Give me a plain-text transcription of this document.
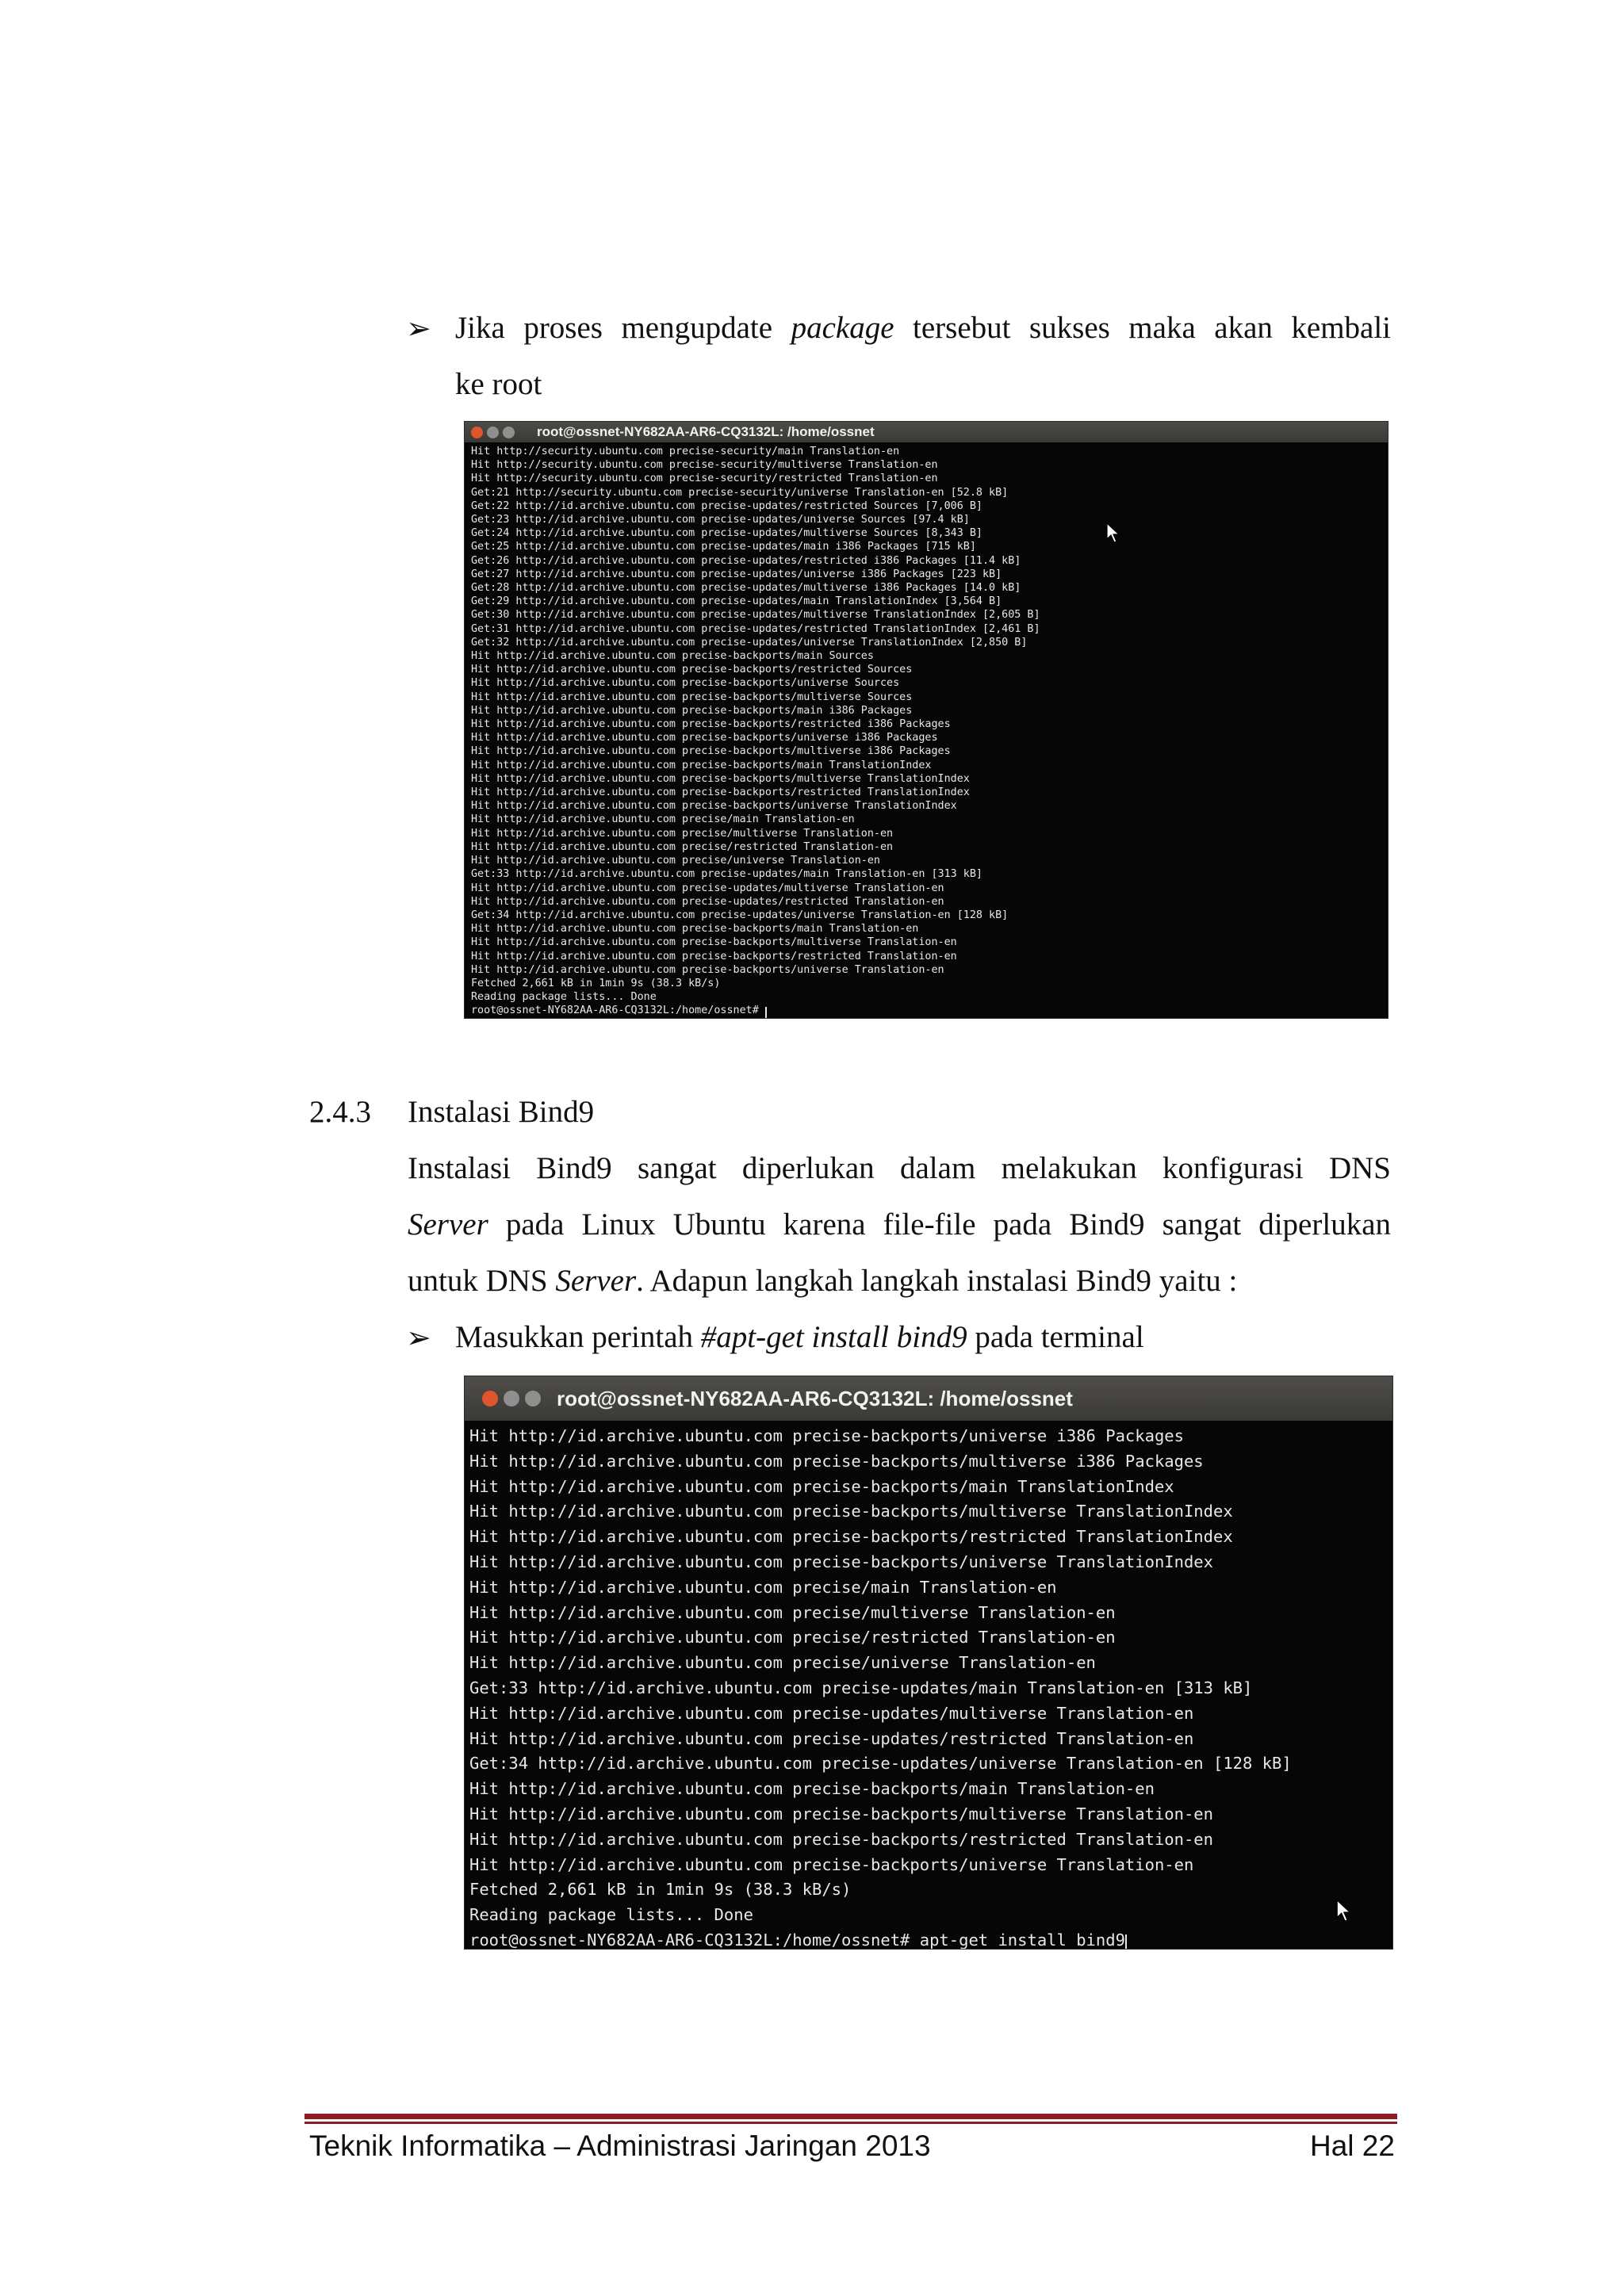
➢ Jika proses mengupdate package tersebut sukses maka akan kembali
ke root
root@ossnet-NY682AA-AR6-CQ3132L: /home/ossnet
Hit http://security.ubuntu.com precise-security/main Translation-en
Hit http://security.ubuntu.com precise-security/multiverse Translation-en
Hit http://security.ubuntu.com precise-security/restricted Translation-en
Get:21 http://security.ubuntu.com precise-security/universe Translation-en [52.8 kB]
Get:22 http://id.archive.ubuntu.com precise-updates/restricted Sources [7,006 B]
Get:23 http://id.archive.ubuntu.com precise-updates/universe Sources [97.4 kB]
Get:24 http://id.archive.ubuntu.com precise-updates/multiverse Sources [8,343 B]
Get:25 http://id.archive.ubuntu.com precise-updates/main i386 Packages [715 kB]
Get:26 http://id.archive.ubuntu.com precise-updates/restricted i386 Packages [11.4 kB]
Get:27 http://id.archive.ubuntu.com precise-updates/universe i386 Packages [223 kB]
Get:28 http://id.archive.ubuntu.com precise-updates/multiverse i386 Packages [14.0 kB]
Get:29 http://id.archive.ubuntu.com precise-updates/main TranslationIndex [3,564 B]
Get:30 http://id.archive.ubuntu.com precise-updates/multiverse TranslationIndex [2,605 B]
Get:31 http://id.archive.ubuntu.com precise-updates/restricted TranslationIndex [2,461 B]
Get:32 http://id.archive.ubuntu.com precise-updates/universe TranslationIndex [2,850 B]
Hit http://id.archive.ubuntu.com precise-backports/main Sources
Hit http://id.archive.ubuntu.com precise-backports/restricted Sources
Hit http://id.archive.ubuntu.com precise-backports/universe Sources
Hit http://id.archive.ubuntu.com precise-backports/multiverse Sources
Hit http://id.archive.ubuntu.com precise-backports/main i386 Packages
Hit http://id.archive.ubuntu.com precise-backports/restricted i386 Packages
Hit http://id.archive.ubuntu.com precise-backports/universe i386 Packages
Hit http://id.archive.ubuntu.com precise-backports/multiverse i386 Packages
Hit http://id.archive.ubuntu.com precise-backports/main TranslationIndex
Hit http://id.archive.ubuntu.com precise-backports/multiverse TranslationIndex
Hit http://id.archive.ubuntu.com precise-backports/restricted TranslationIndex
Hit http://id.archive.ubuntu.com precise-backports/universe TranslationIndex
Hit http://id.archive.ubuntu.com precise/main Translation-en
Hit http://id.archive.ubuntu.com precise/multiverse Translation-en
Hit http://id.archive.ubuntu.com precise/restricted Translation-en
Hit http://id.archive.ubuntu.com precise/universe Translation-en
Get:33 http://id.archive.ubuntu.com precise-updates/main Translation-en [313 kB]
Hit http://id.archive.ubuntu.com precise-updates/multiverse Translation-en
Hit http://id.archive.ubuntu.com precise-updates/restricted Translation-en
Get:34 http://id.archive.ubuntu.com precise-updates/universe Translation-en [128 kB]
Hit http://id.archive.ubuntu.com precise-backports/main Translation-en
Hit http://id.archive.ubuntu.com precise-backports/multiverse Translation-en
Hit http://id.archive.ubuntu.com precise-backports/restricted Translation-en
Hit http://id.archive.ubuntu.com precise-backports/universe Translation-en
Fetched 2,661 kB in 1min 9s (38.3 kB/s)
Reading package lists... Done
root@ossnet-NY682AA-AR6-CQ3132L:/home/ossnet#
2.4.3 Instalasi Bind9
Instalasi Bind9 sangat diperlukan dalam melakukan konfigurasi DNS
Server pada Linux Ubuntu karena file-file pada Bind9 sangat diperlukan
untuk DNS Server. Adapun langkah langkah instalasi Bind9 yaitu :
➢ Masukkan perintah #apt-get install bind9 pada terminal
root@ossnet-NY682AA-AR6-CQ3132L: /home/ossnet
Hit http://id.archive.ubuntu.com precise-backports/universe i386 Packages
Hit http://id.archive.ubuntu.com precise-backports/multiverse i386 Packages
Hit http://id.archive.ubuntu.com precise-backports/main TranslationIndex
Hit http://id.archive.ubuntu.com precise-backports/multiverse TranslationIndex
Hit http://id.archive.ubuntu.com precise-backports/restricted TranslationIndex
Hit http://id.archive.ubuntu.com precise-backports/universe TranslationIndex
Hit http://id.archive.ubuntu.com precise/main Translation-en
Hit http://id.archive.ubuntu.com precise/multiverse Translation-en
Hit http://id.archive.ubuntu.com precise/restricted Translation-en
Hit http://id.archive.ubuntu.com precise/universe Translation-en
Get:33 http://id.archive.ubuntu.com precise-updates/main Translation-en [313 kB]
Hit http://id.archive.ubuntu.com precise-updates/multiverse Translation-en
Hit http://id.archive.ubuntu.com precise-updates/restricted Translation-en
Get:34 http://id.archive.ubuntu.com precise-updates/universe Translation-en [128 kB]
Hit http://id.archive.ubuntu.com precise-backports/main Translation-en
Hit http://id.archive.ubuntu.com precise-backports/multiverse Translation-en
Hit http://id.archive.ubuntu.com precise-backports/restricted Translation-en
Hit http://id.archive.ubuntu.com precise-backports/universe Translation-en
Fetched 2,661 kB in 1min 9s (38.3 kB/s)
Reading package lists... Done
root@ossnet-NY682AA-AR6-CQ3132L:/home/ossnet# apt-get install bind9
Teknik Informatika – Administrasi Jaringan 2013	Hal 22
